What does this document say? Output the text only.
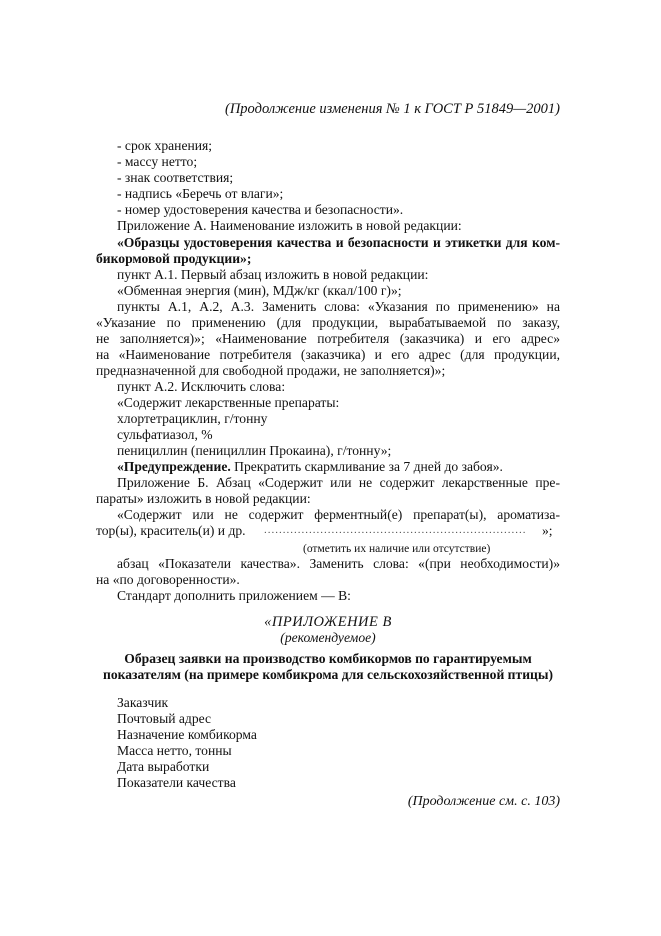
(Продолжение изменения № 1 к ГОСТ Р 51849—2001)
- срок хранения;
- массу нетто;
- знак соответствия;
- надпись «Беречь от влаги»;
- номер удостоверения качества и безопасности».
Приложение А. Наименование изложить в новой редакции:
«Образцы удостоверения качества и безопасности и этикетки для ком-
бикормовой продукции»;
пункт А.1. Первый абзац изложить в новой редакции:
«Обменная энергия (мин), МДж/кг (ккал/100 г)»;
пункты А.1, А.2, А.3. Заменить слова: «Указания по применению» на
«Указание по применению (для продукции, вырабатываемой по заказу,
не заполняется)»; «Наименование потребителя (заказчика) и его адрес»
на «Наименование потребителя (заказчика) и его адрес (для продукции,
предназначенной для свободной продажи, не заполняется)»;
пункт А.2. Исключить слова:
«Содержит лекарственные препараты:
хлортетрациклин, г/тонну
сульфатиазол, %
пенициллин (пенициллин Прокаина), г/тонну»;
«Предупреждение. Прекратить скармливание за 7 дней до забоя».
Приложение Б. Абзац «Содержит или не содержит лекарственные пре-
параты» изложить в новой редакции:
«Содержит или не содержит ферментный(е) препарат(ы), ароматиза-
тор(ы), краситель(и) и др. ......................................................................	»;
(отметить их наличие или отсутствие)
абзац «Показатели качества». Заменить слова: «(при необходимости)»
на «по договоренности».
Стандарт дополнить приложением — В:
«ПРИЛОЖЕНИЕ В
(рекомендуемое)
Образец заявки на производство комбикормов по гарантируемым
показателям (на примере комбикрома для сельскохозяйственной птицы)
Заказчик
Почтовый адрес
Назначение комбикорма
Масса нетто, тонны
Дата выработки
Показатели качества
(Продолжение см. с. 103)
